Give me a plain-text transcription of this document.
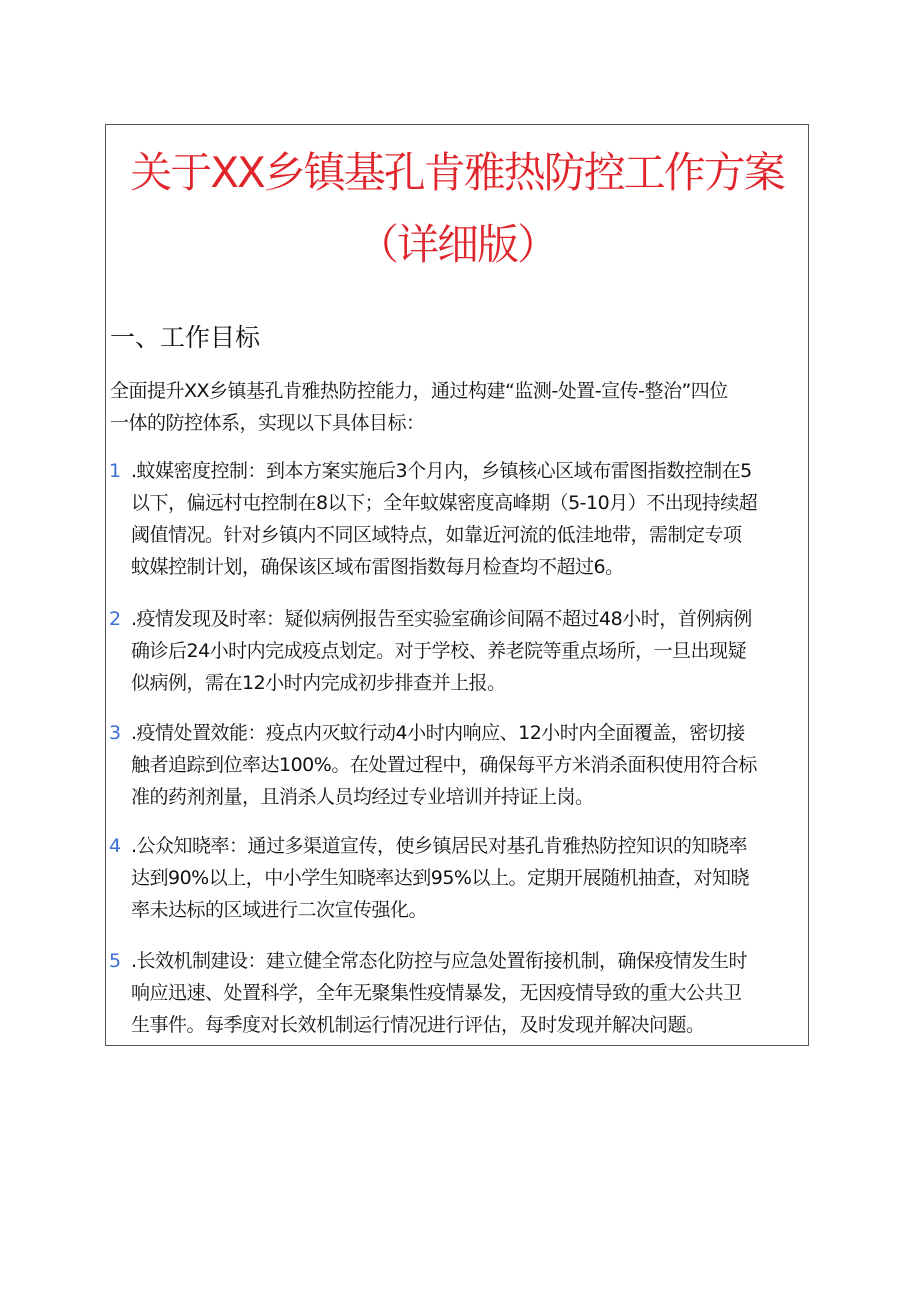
关于XX乡镇基孔肯雅热防控工作方案
（详细版）
一、工作目标
全面提升XX乡镇基孔肯雅热防控能力，通过构建“监测-处置-宣传-整治”四位
一体的防控体系，实现以下具体目标：
1 .蚊媒密度控制：到本方案实施后3个月内，乡镇核心区域布雷图指数控制在5
以下，偏远村屯控制在8以下；全年蚊媒密度高峰期（5-10月）不出现持续超
阈值情况。针对乡镇内不同区域特点，如靠近河流的低洼地带，需制定专项
蚊媒控制计划，确保该区域布雷图指数每月检查均不超过6。
2 .疫情发现及时率：疑似病例报告至实验室确诊间隔不超过48小时，首例病例
确诊后24小时内完成疫点划定。对于学校、养老院等重点场所，一旦出现疑
似病例，需在12小时内完成初步排查并上报。
3 .疫情处置效能：疫点内灭蚊行动4小时内响应、12小时内全面覆盖，密切接
触者追踪到位率达100%。在处置过程中，确保每平方米消杀面积使用符合标
准的药剂剂量，且消杀人员均经过专业培训并持证上岗。
4 .公众知晓率：通过多渠道宣传，使乡镇居民对基孔肯雅热防控知识的知晓率
达到90%以上，中小学生知晓率达到95%以上。定期开展随机抽查，对知晓
率未达标的区域进行二次宣传强化。
5 .长效机制建设：建立健全常态化防控与应急处置衔接机制，确保疫情发生时
响应迅速、处置科学，全年无聚集性疫情暴发，无因疫情导致的重大公共卫
生事件。每季度对长效机制运行情况进行评估，及时发现并解决问题。
